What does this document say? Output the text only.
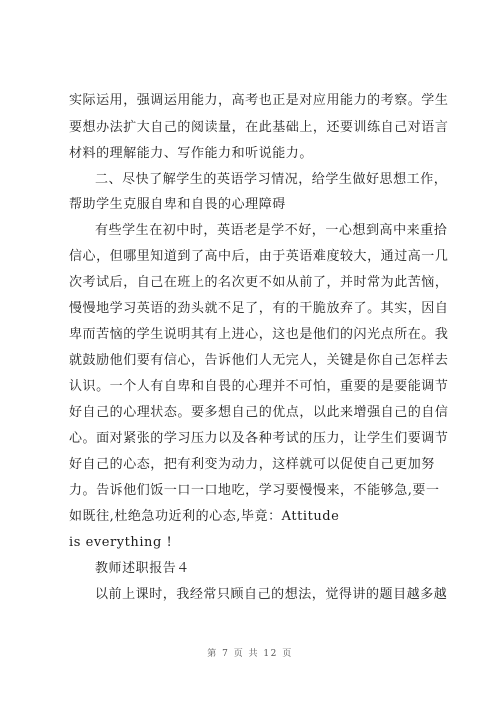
实际运用，强调运用能力，高考也正是对应用能力的考察。学生
要想办法扩大自己的阅读量，在此基础上，还要训练自己对语言
材料的理解能力、写作能力和听说能力。
二、尽快了解学生的英语学习情况，给学生做好思想工作，
帮助学生克服自卑和自畏的心理障碍
有些学生在初中时，英语老是学不好，一心想到高中来重拾
信心，但哪里知道到了高中后，由于英语难度较大，通过高一几
次考试后，自己在班上的名次更不如从前了，并时常为此苦恼，
慢慢地学习英语的劲头就不足了，有的干脆放弃了。其实，因自
卑而苦恼的学生说明其有上进心，这也是他们的闪光点所在。我
就鼓励他们要有信心，告诉他们人无完人，关键是你自己怎样去
认识。一个人有自卑和自畏的心理并不可怕，重要的是要能调节
好自己的心理状态。要多想自己的优点，以此来增强自己的自信
心。面对紧张的学习压力以及各种考试的压力，让学生们要调节
好自己的心态，把有利变为动力，这样就可以促使自己更加努
力。告诉他们饭一口一口地吃，学习要慢慢来，不能够急,要一
如既往,杜绝急功近利的心态,毕竟：Attitude
is everything !
教师述职报告４
以前上课时，我经常只顾自己的想法，觉得讲的题目越多越
第 7 页 共 12 页
